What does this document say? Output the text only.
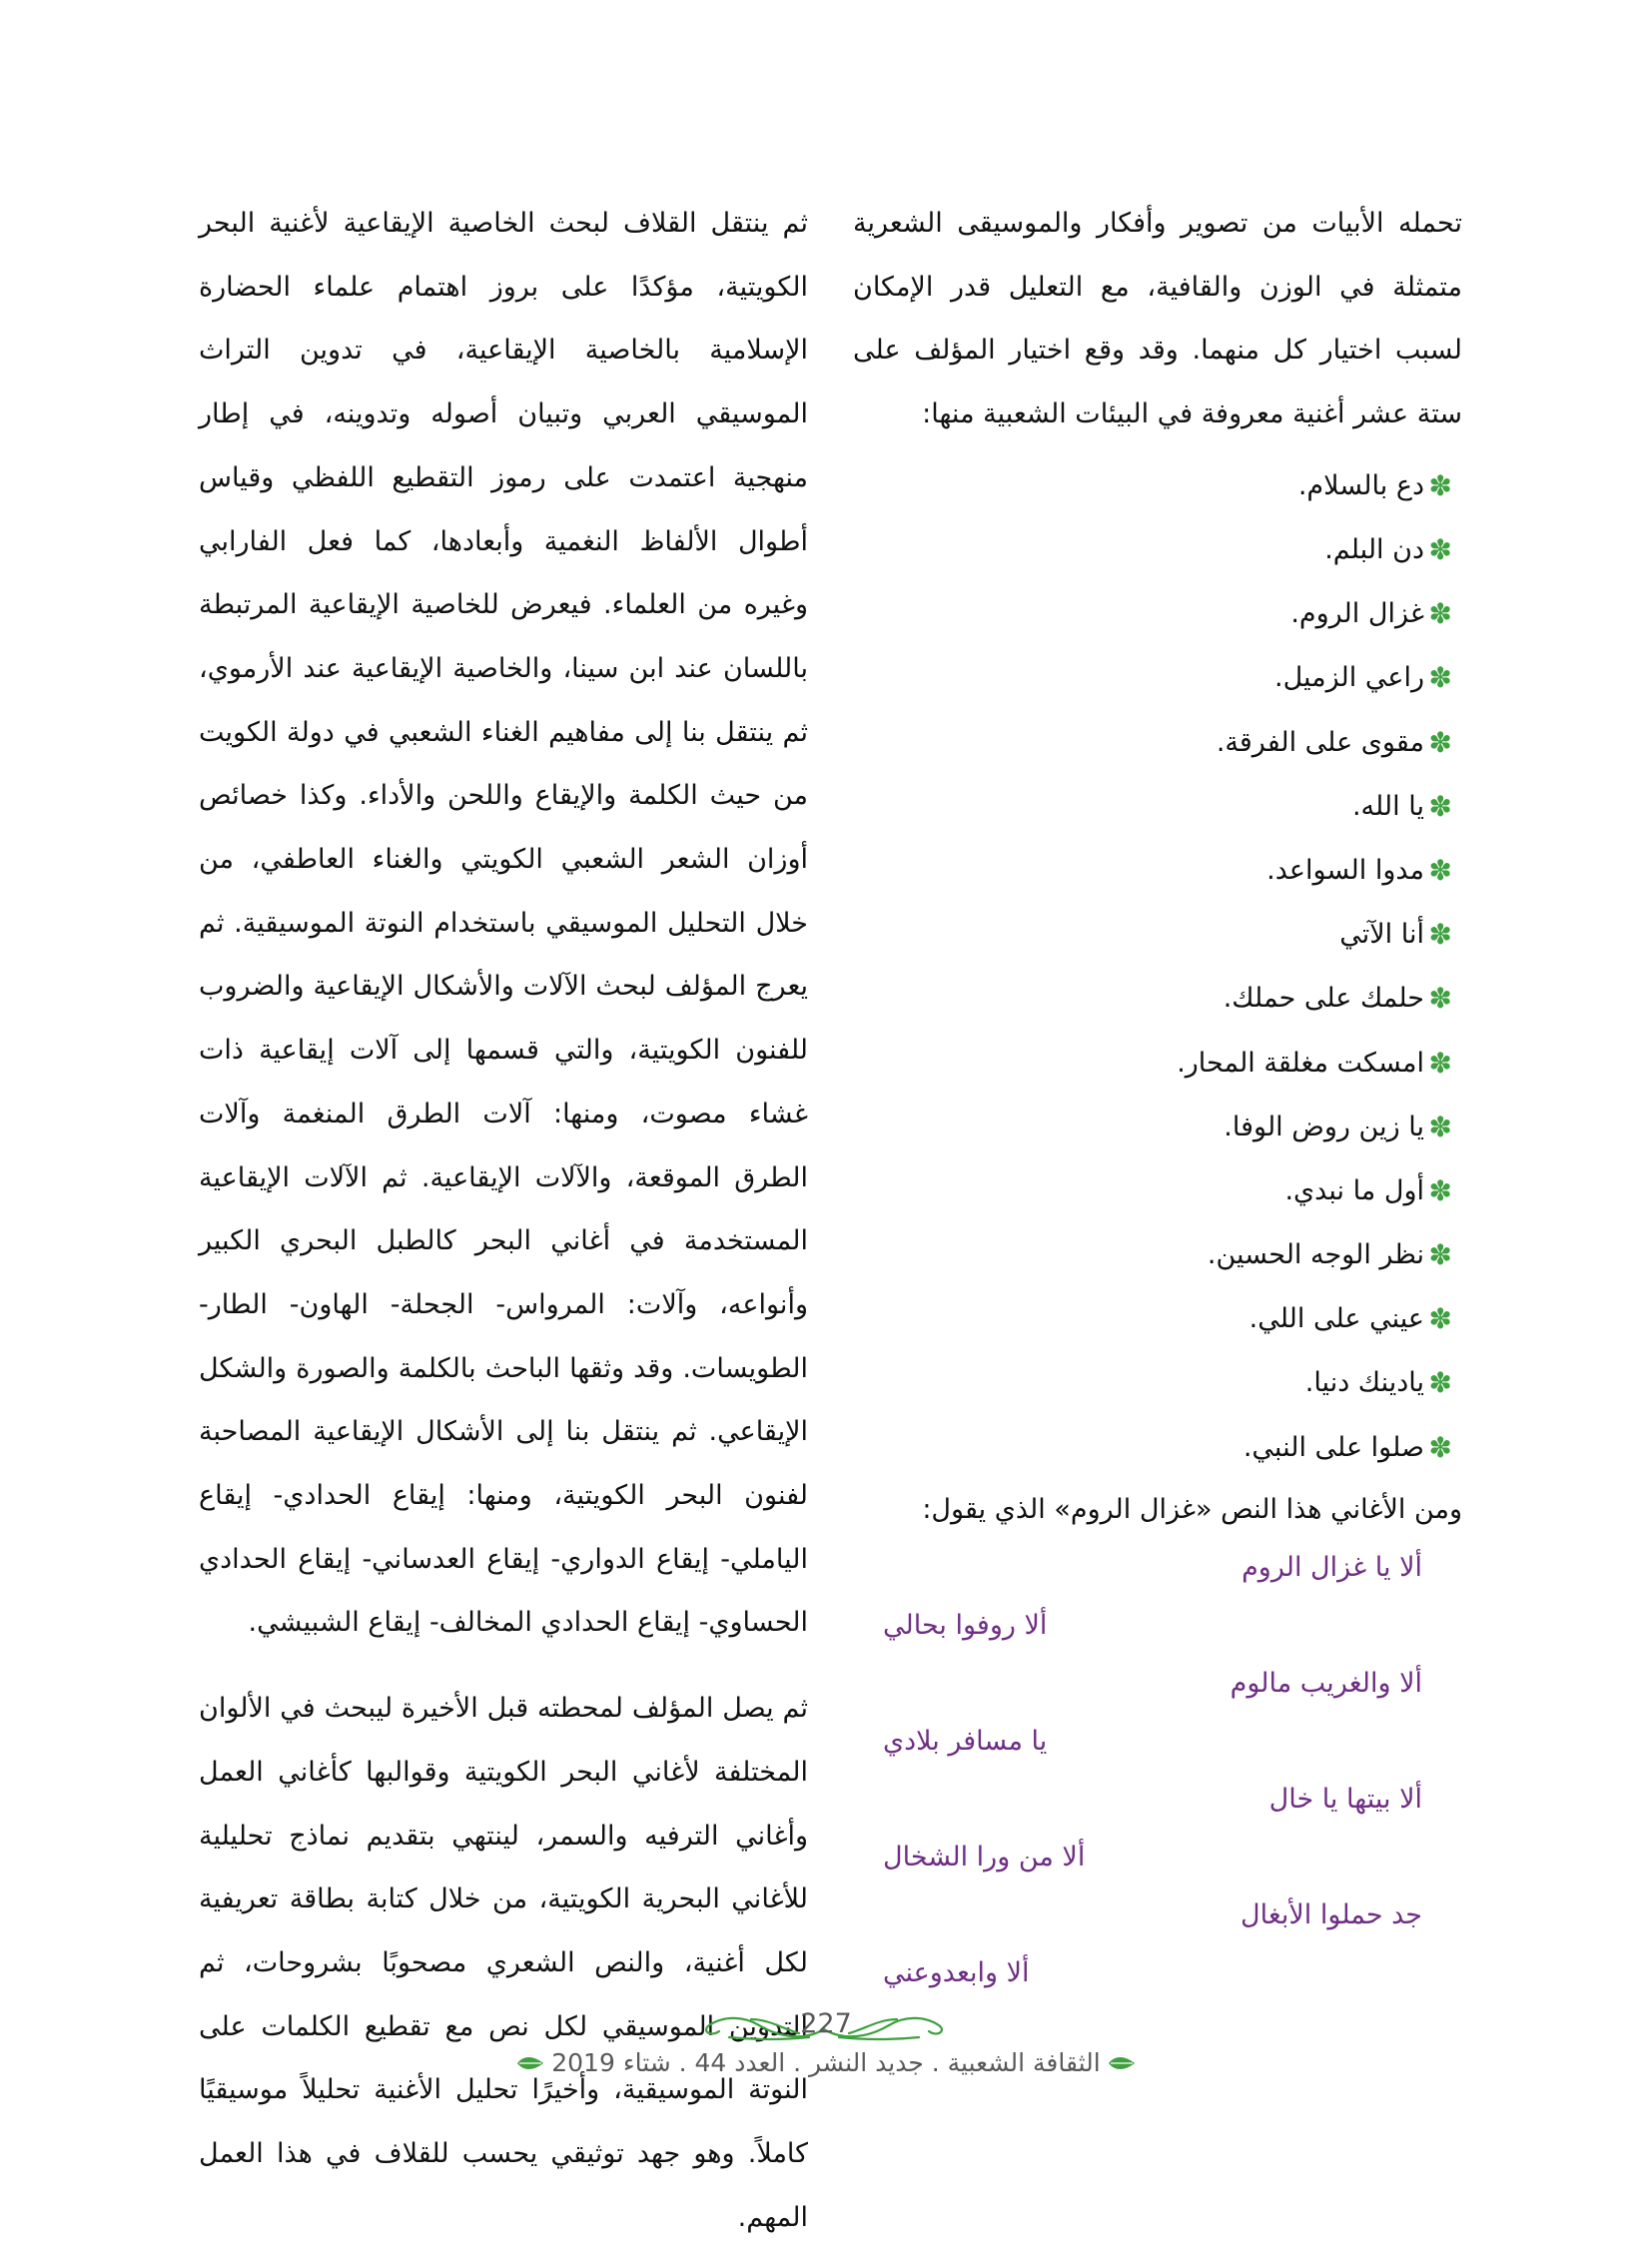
تحمله الأبيات من تصوير وأفكار والموسيقى الشعرية متمثلة في الوزن والقافية، مع التعليل قدر الإمكان لسبب اختيار كل منهما. وقد وقع اختيار المؤلف على ستة عشر أغنية معروفة في البيئات الشعبية منها:

✽
دع بالسلام.
✽
دن البلم.
✽
غزال الروم.
✽
راعي الزميل.
✽
مقوى على الفرقة.
✽
يا الله.
✽
مدوا السواعد.
✽
أنا الآتي
✽
حلمك على حملك.
✽
امسكت مغلقة المحار.
✽
يا زين روض الوفا.
✽
أول ما نبدي.
✽
نظر الوجه الحسين.
✽
عيني على اللي.
✽
يادينك دنيا.
✽
صلوا على النبي.

ومن الأغاني هذا النص «غزال الروم» الذي يقول:

ألا يا غزال الروم
ألا روفوا بحالي
ألا والغريب مالوم
يا مسافر بلادي
ألا بيتها يا خال
ألا من ورا الشخال
جد حملوا الأبغال
ألا وابعدوعني

ثم ينتقل القلاف لبحث الخاصية الإيقاعية لأغنية البحر الكويتية، مؤكدًا على بروز اهتمام علماء الحضارة الإسلامية بالخاصية الإيقاعية، في تدوين التراث الموسيقي العربي وتبيان أصوله وتدوينه، في إطار منهجية اعتمدت على رموز التقطيع اللفظي وقياس أطوال الألفاظ النغمية وأبعادها، كما فعل الفارابي وغيره من العلماء. فيعرض للخاصية الإيقاعية المرتبطة باللسان عند ابن سينا، والخاصية الإيقاعية عند الأرموي، ثم ينتقل بنا إلى مفاهيم الغناء الشعبي في دولة الكويت من حيث الكلمة والإيقاع واللحن والأداء. وكذا خصائص أوزان الشعر الشعبي الكويتي والغناء العاطفي، من خلال التحليل الموسيقي باستخدام النوتة الموسيقية. ثم يعرج المؤلف لبحث الآلات والأشكال الإيقاعية والضروب للفنون الكويتية، والتي قسمها إلى آلات إيقاعية ذات غشاء مصوت، ومنها: آلات الطرق المنغمة وآلات الطرق الموقعة، والآلات الإيقاعية. ثم الآلات الإيقاعية المستخدمة في أغاني البحر كالطبل البحري الكبير وأنواعه، وآلات: المرواس- الجحلة- الهاون- الطار- الطويسات. وقد وثقها الباحث بالكلمة والصورة والشكل الإيقاعي. ثم ينتقل بنا إلى الأشكال الإيقاعية المصاحبة لفنون البحر الكويتية، ومنها: إيقاع الحدادي- إيقاع الياملي- إيقاع الدواري- إيقاع العدساني- إيقاع الحدادي الحساوي- إيقاع الحدادي المخالف- إيقاع الشبيشي.

ثم يصل المؤلف لمحطته قبل الأخيرة ليبحث في الألوان المختلفة لأغاني البحر الكويتية وقوالبها كأغاني العمل وأغاني الترفيه والسمر، لينتهي بتقديم نماذج تحليلية للأغاني البحرية الكويتية، من خلال كتابة بطاقة تعريفية لكل أغنية، والنص الشعري مصحوبًا بشروحات، ثم التدوين الموسيقي لكل نص مع تقطيع الكلمات على النوتة الموسيقية، وأخيرًا تحليل الأغنية تحليلاً موسيقيًا كاملاً. وهو جهد توثيقي يحسب للقلاف في هذا العمل المهم.

227
الثقافة الشعبية . جديد النشر . العدد 44 . شتاء 2019
